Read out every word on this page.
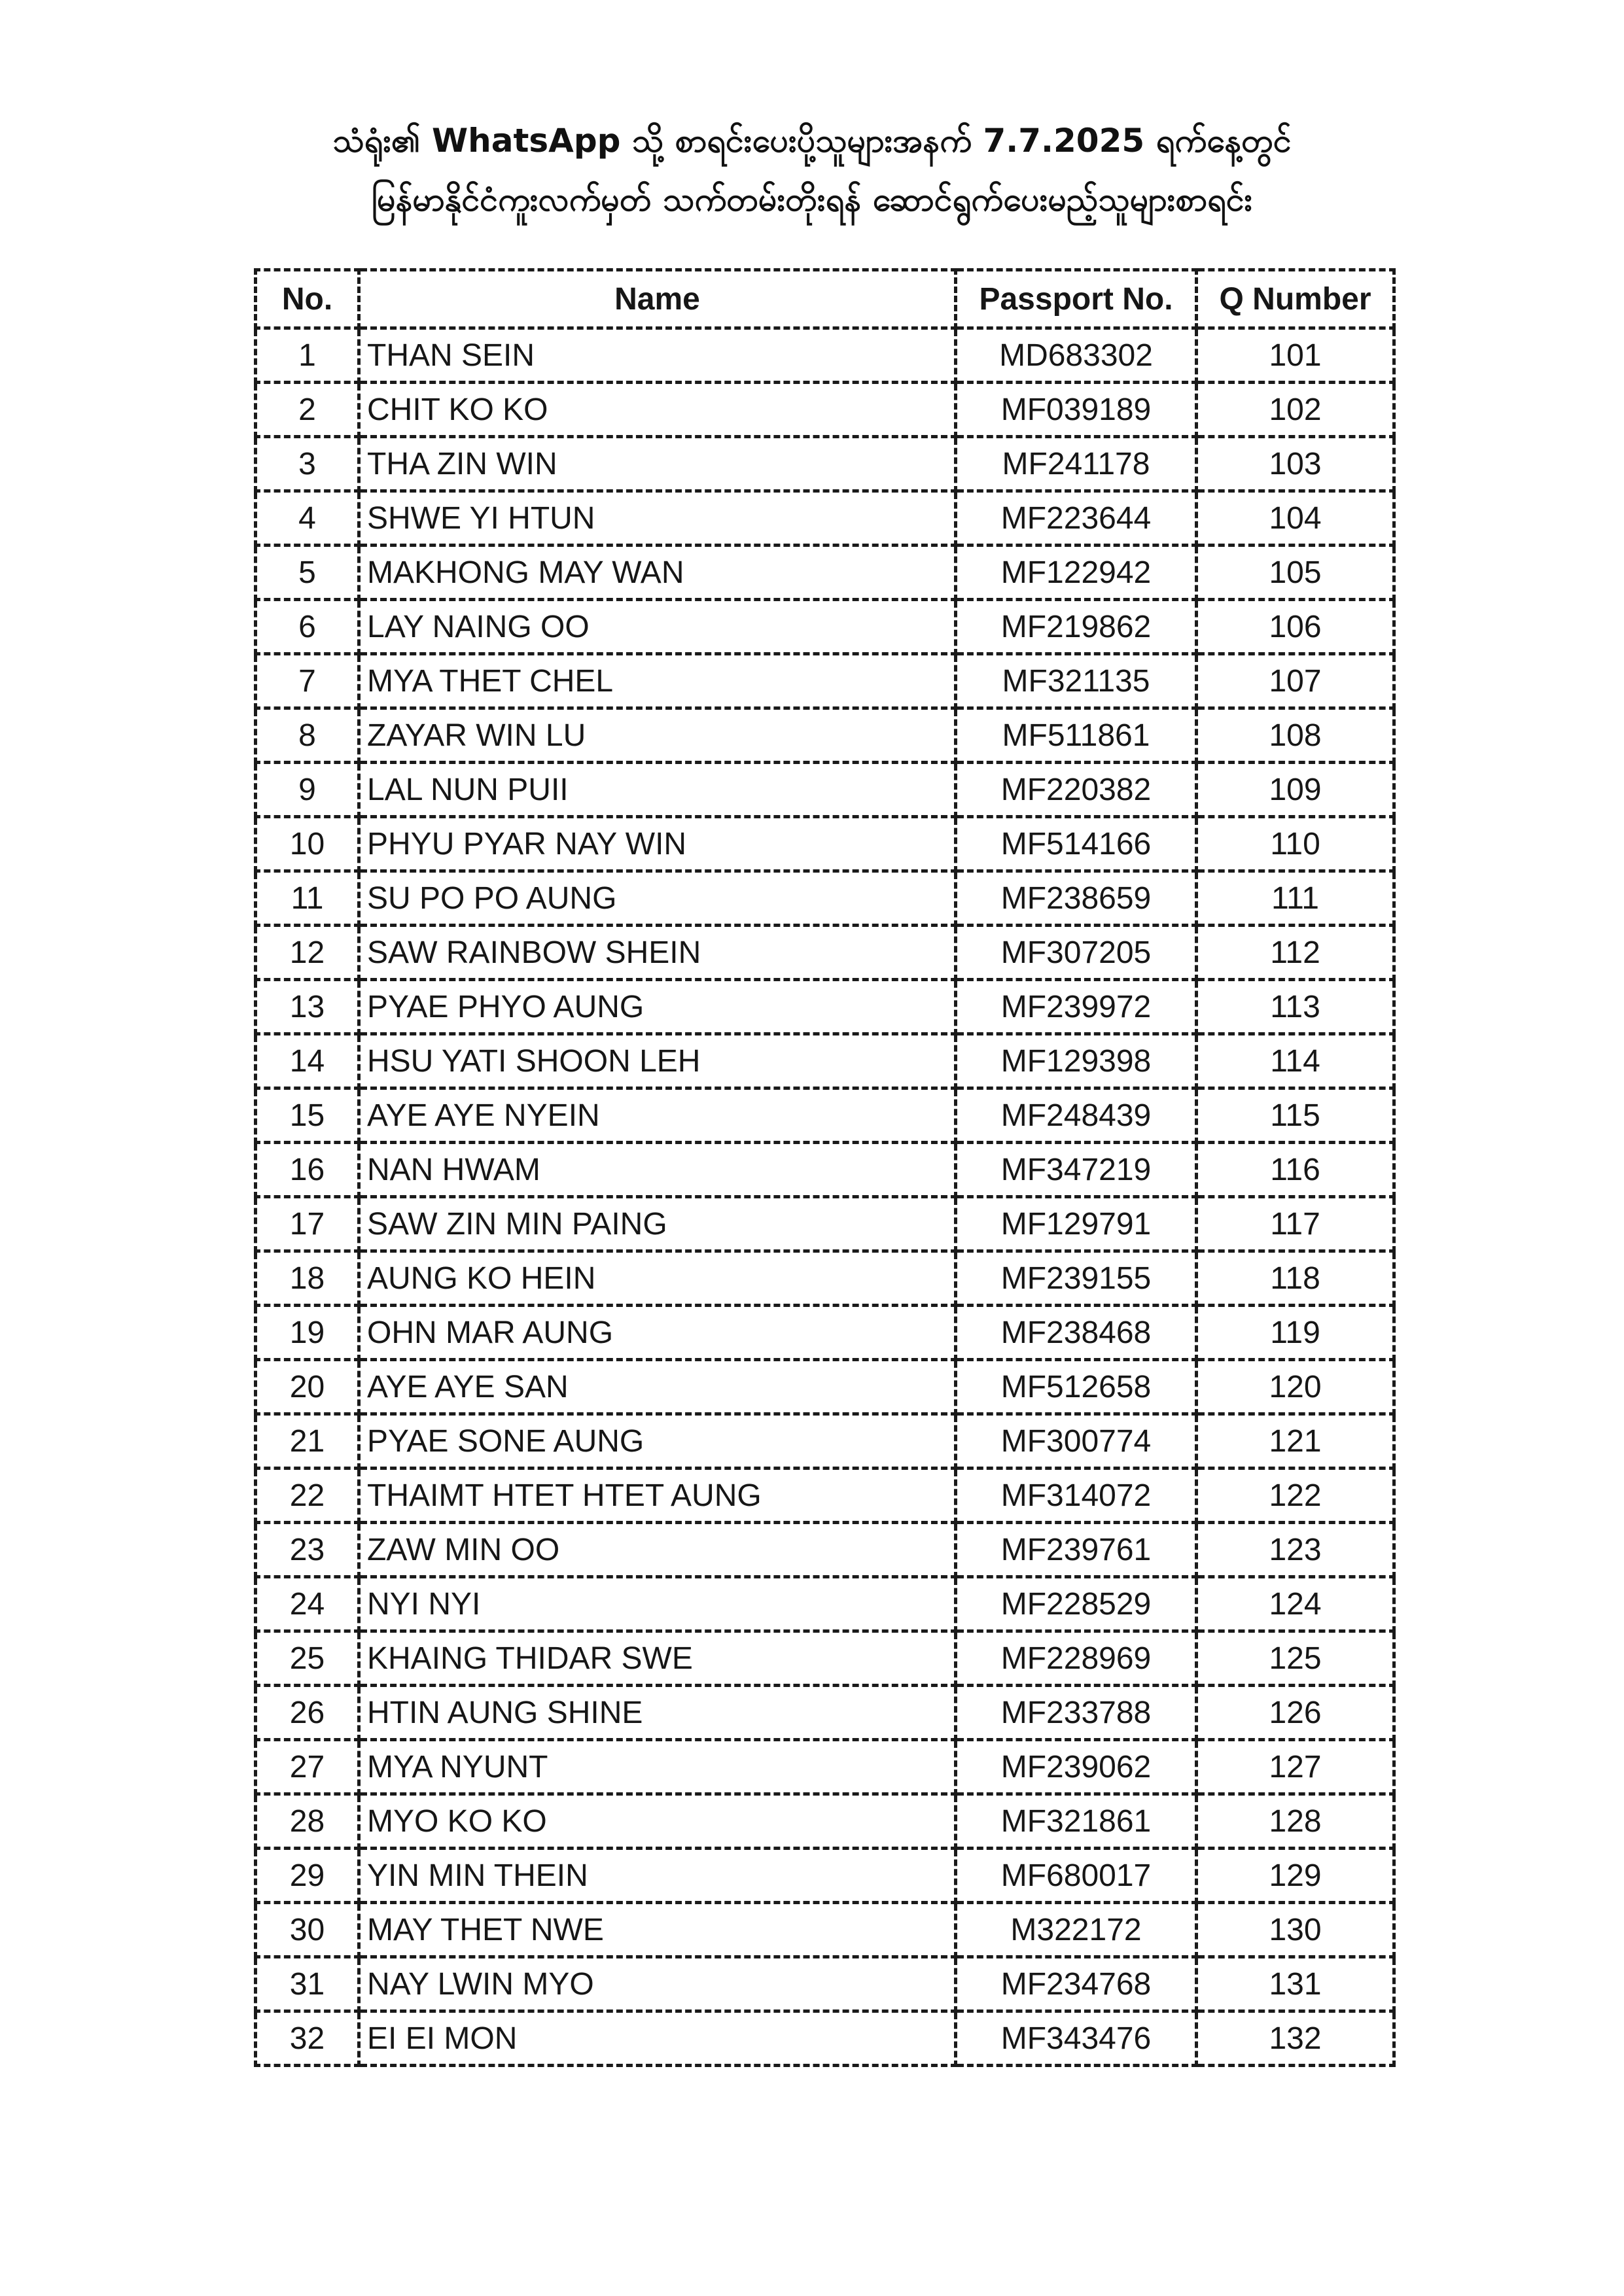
သံရုံး၏ WhatsApp သို့ စာရင်းပေးပို့သူများအနက် 7.7.2025 ရက်နေ့တွင်
မြန်မာနိုင်ငံကူးလက်မှတ် သက်တမ်းတိုးရန် ဆောင်ရွက်ပေးမည့်သူများစာရင်း
No.	Name	Passport No.	Q Number
1	THAN SEIN	MD683302	101
2	CHIT KO KO	MF039189	102
3	THA ZIN WIN	MF241178	103
4	SHWE YI HTUN	MF223644	104
5	MAKHONG MAY WAN	MF122942	105
6	LAY NAING OO	MF219862	106
7	MYA THET CHEL	MF321135	107
8	ZAYAR WIN LU	MF511861	108
9	LAL NUN PUII	MF220382	109
10	PHYU PYAR NAY WIN	MF514166	110
11	SU PO PO AUNG	MF238659	111
12	SAW RAINBOW SHEIN	MF307205	112
13	PYAE PHYO AUNG	MF239972	113
14	HSU YATI SHOON LEH	MF129398	114
15	AYE AYE NYEIN	MF248439	115
16	NAN HWAM	MF347219	116
17	SAW ZIN MIN PAING	MF129791	117
18	AUNG KO HEIN	MF239155	118
19	OHN MAR AUNG	MF238468	119
20	AYE AYE SAN	MF512658	120
21	PYAE SONE AUNG	MF300774	121
22	THAIMT HTET HTET AUNG	MF314072	122
23	ZAW MIN OO	MF239761	123
24	NYI NYI	MF228529	124
25	KHAING THIDAR SWE	MF228969	125
26	HTIN AUNG SHINE	MF233788	126
27	MYA NYUNT	MF239062	127
28	MYO KO KO	MF321861	128
29	YIN MIN THEIN	MF680017	129
30	MAY THET NWE	M322172	130
31	NAY LWIN MYO	MF234768	131
32	EI EI MON	MF343476	132
